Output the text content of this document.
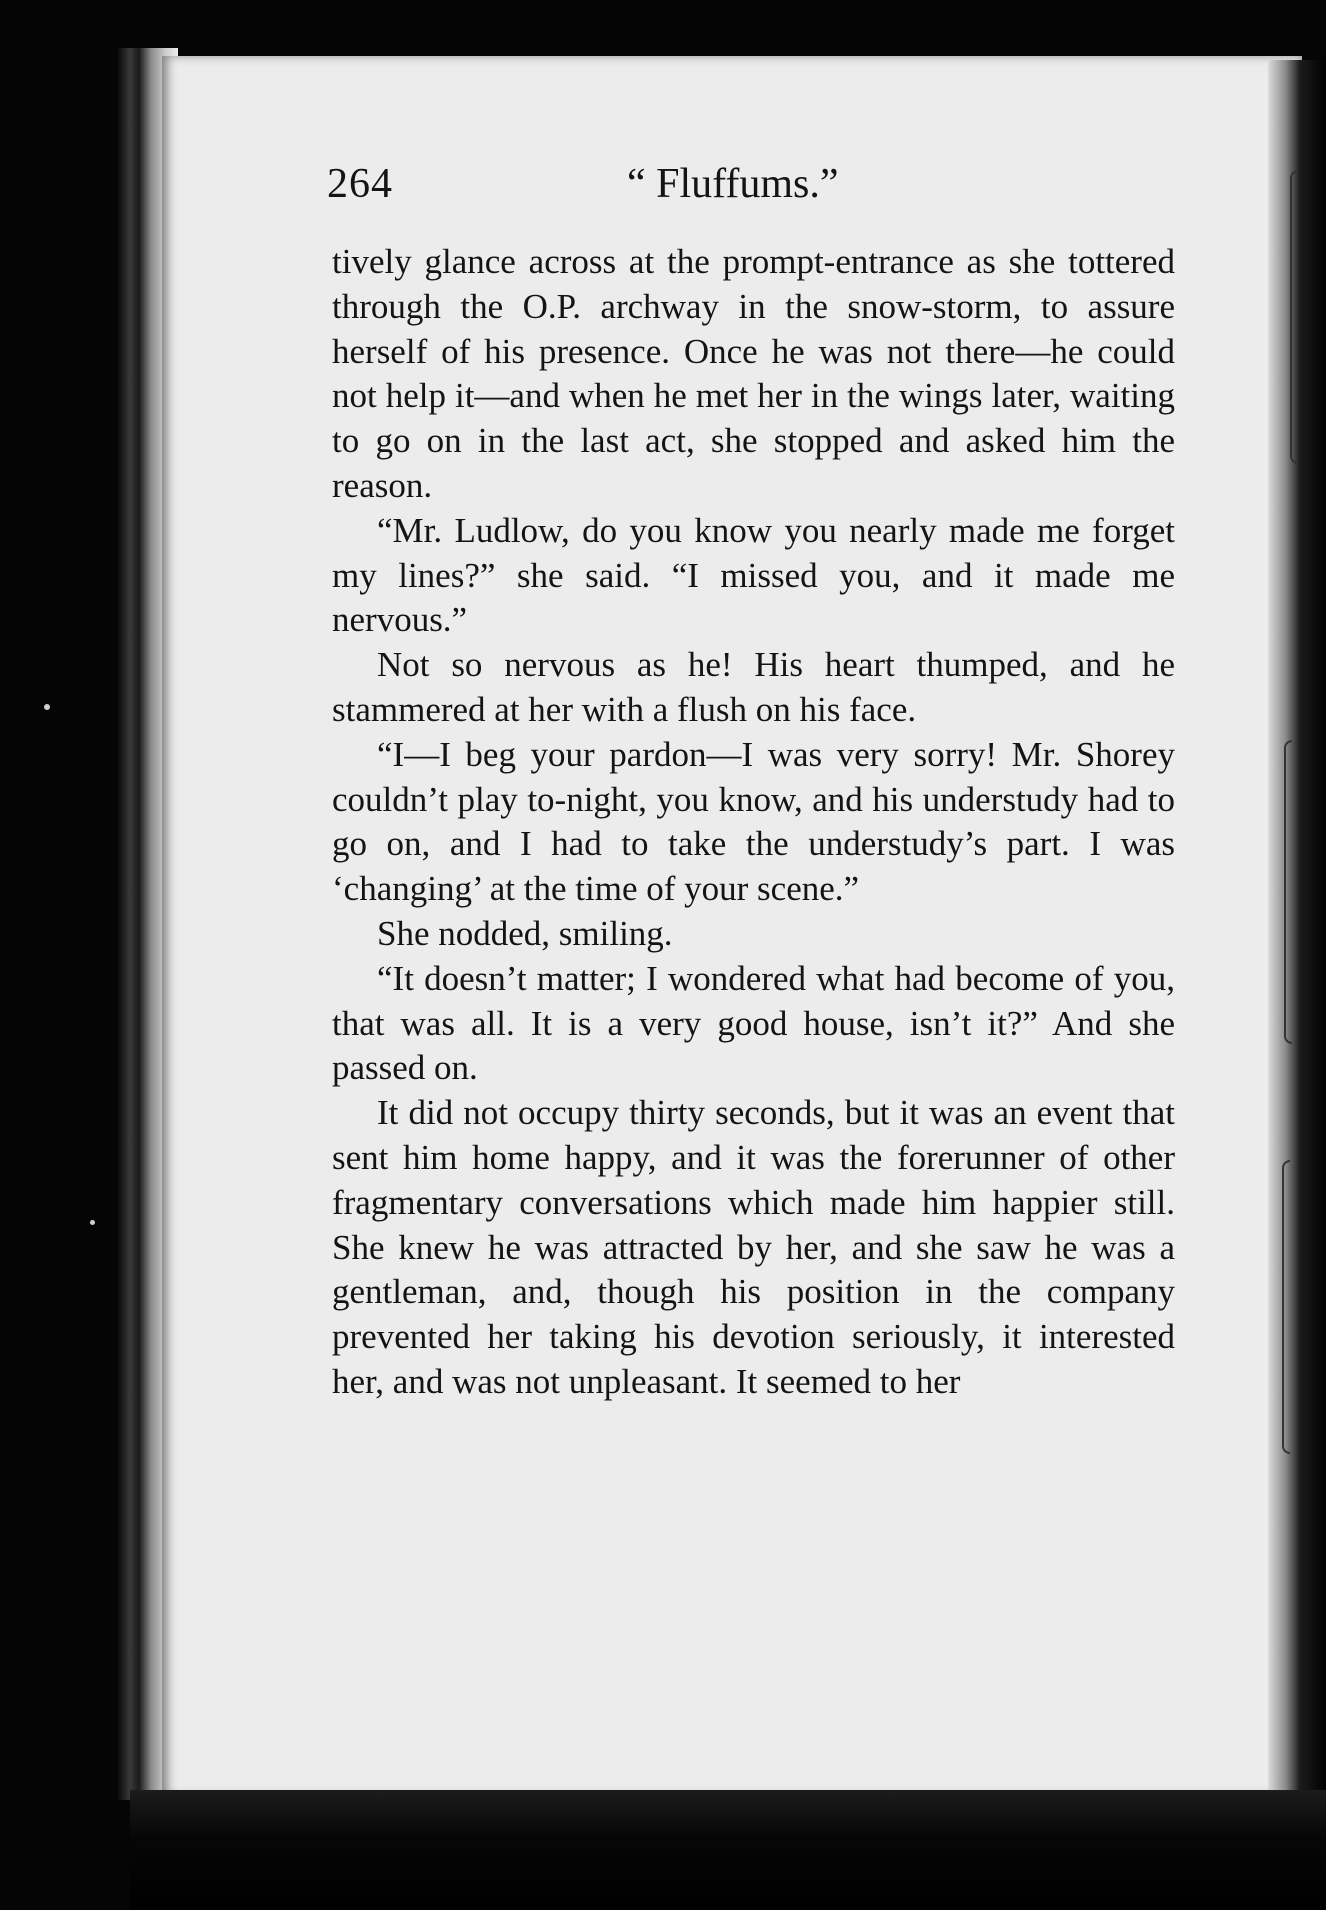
264	“ Fluffums.”

tively glance across at the prompt-entrance as she tottered through the O.P. archway in the snow-storm, to assure herself of his presence. Once he was not there—he could not help it—and when he met her in the wings later, waiting to go on in the last act, she stopped and asked him the reason.

“Mr. Ludlow, do you know you nearly made me forget my lines?” she said. “I missed you, and it made me nervous.”

Not so nervous as he! His heart thumped, and he stammered at her with a flush on his face.

“I—I beg your pardon—I was very sorry! Mr. Shorey couldn’t play to-night, you know, and his understudy had to go on, and I had to take the understudy’s part. I was ‘changing’ at the time of your scene.”

She nodded, smiling.

“It doesn’t matter; I wondered what had become of you, that was all. It is a very good house, isn’t it?” And she passed on.

It did not occupy thirty seconds, but it was an event that sent him home happy, and it was the forerunner of other fragmentary conversations which made him happier still. She knew he was attracted by her, and she saw he was a gentleman, and, though his position in the company prevented her taking his devotion seriously, it interested her, and was not unpleasant. It seemed to her
